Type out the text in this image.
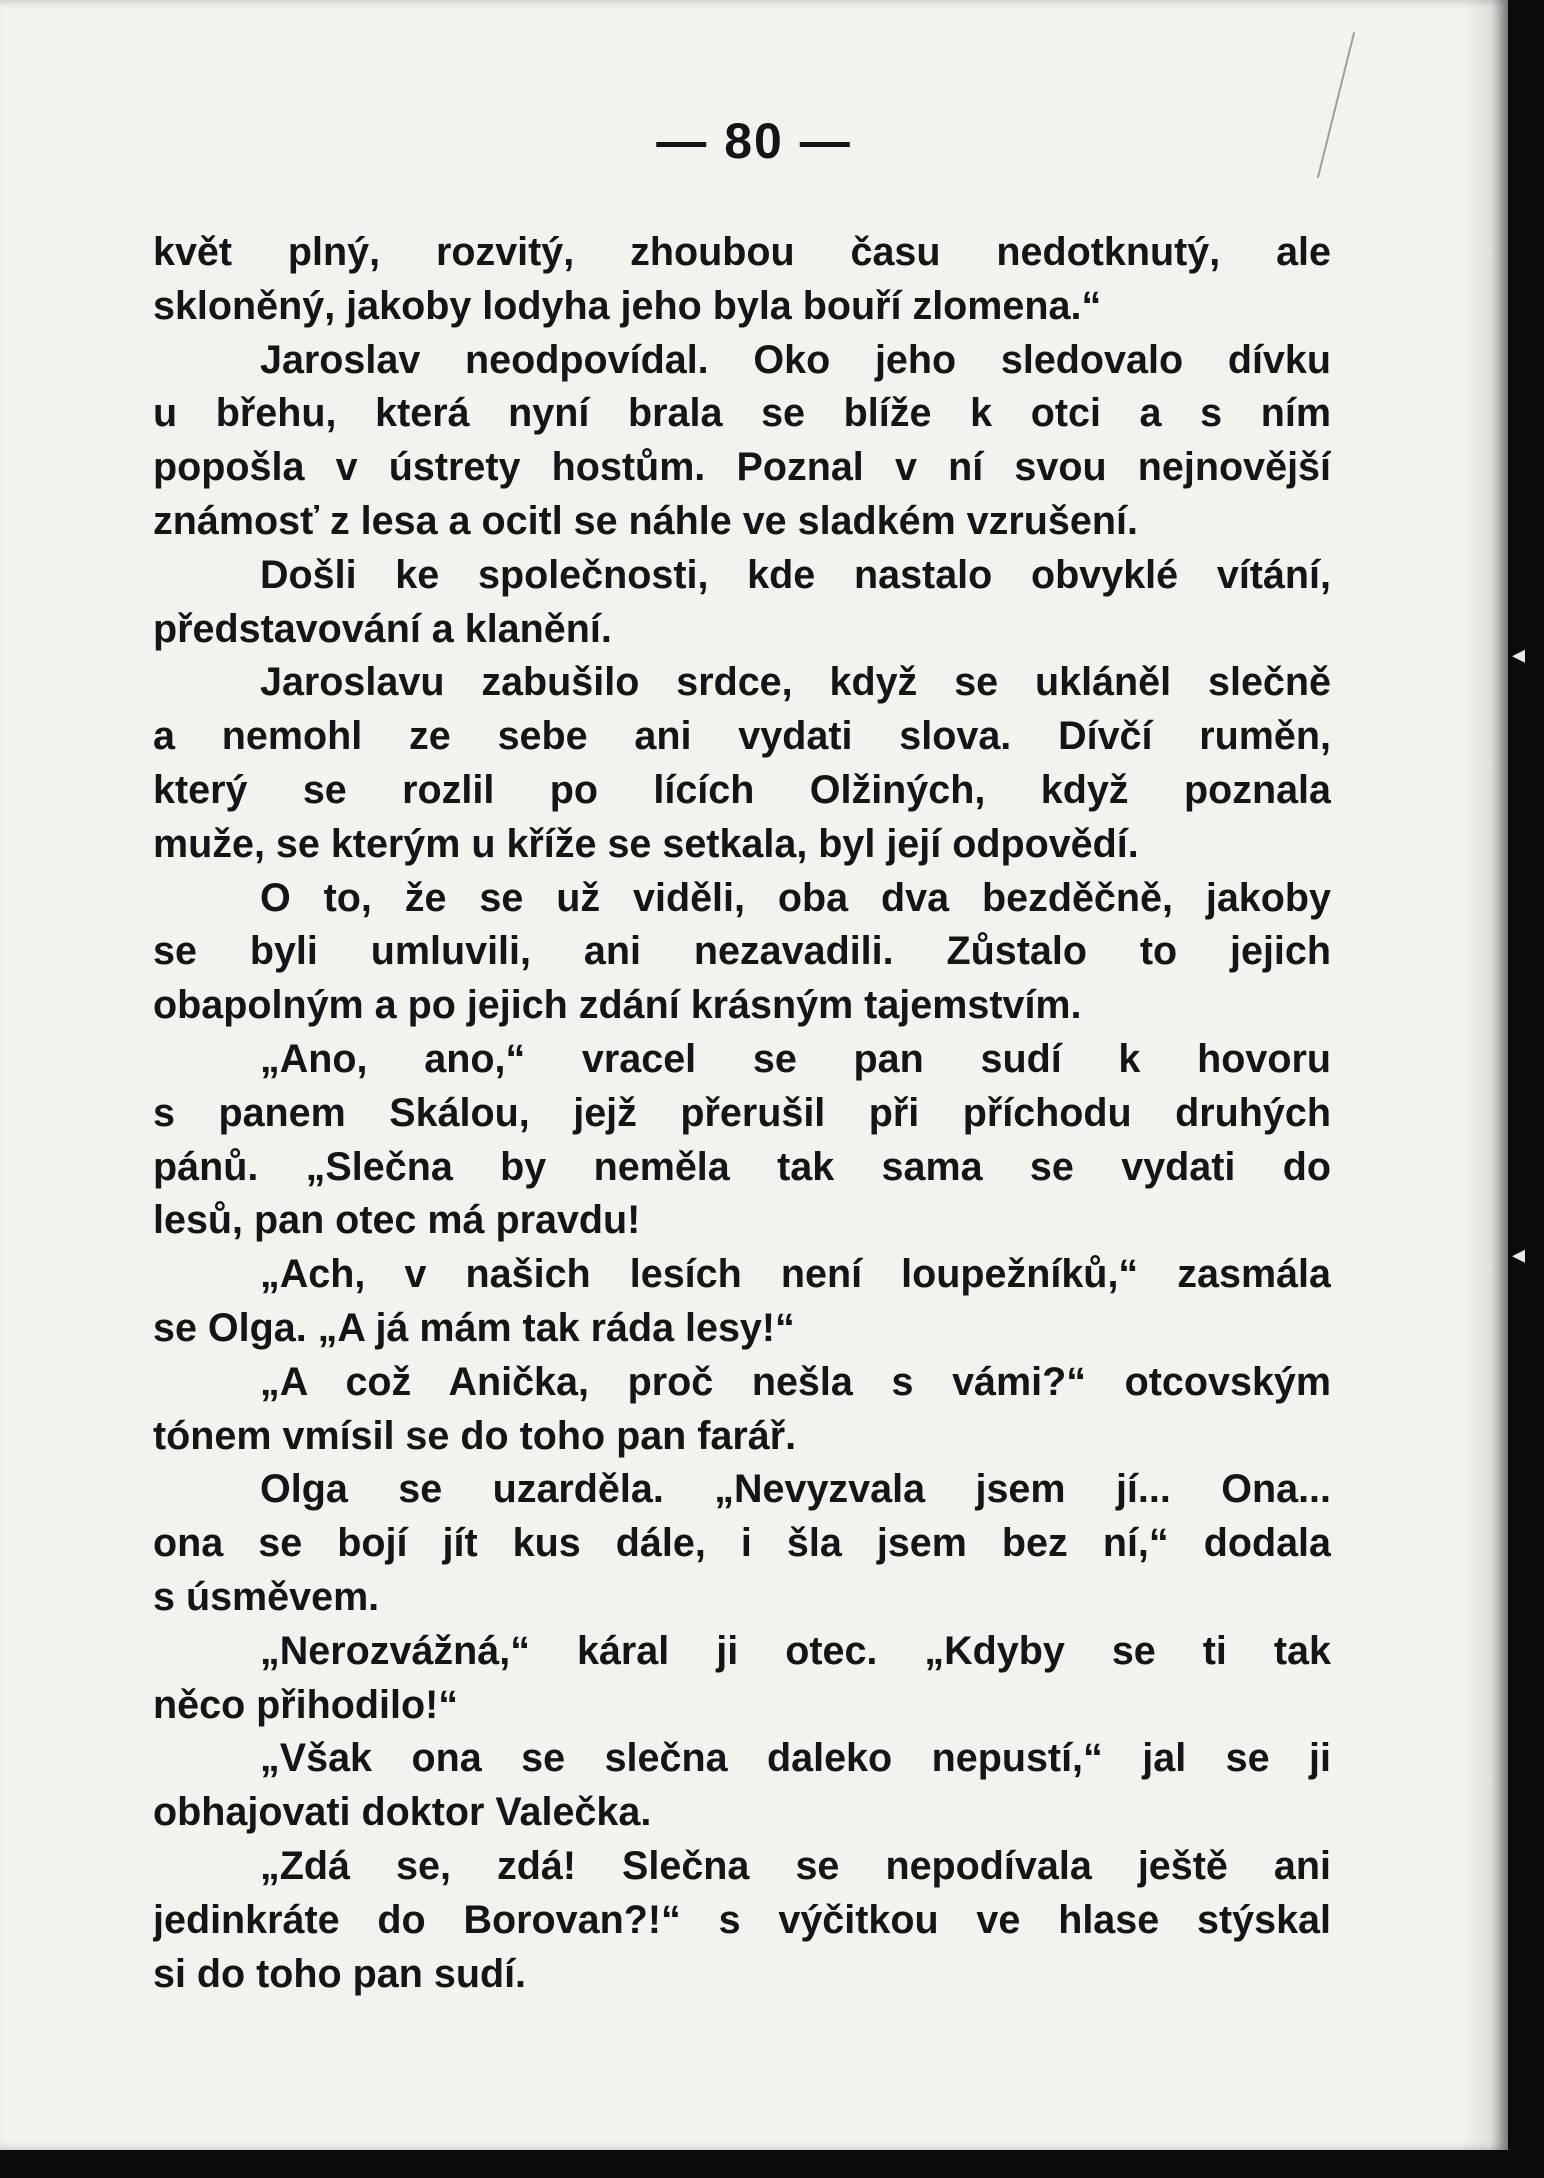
— 80 —
květ plný, rozvitý, zhoubou času nedotknutý, ale
skloněný, jakoby lodyha jeho byla bouří zlomena.“
Jaroslav neodpovídal. Oko jeho sledovalo dívku
u břehu, která nyní brala se blíže k otci a s ním
popošla v ústrety hostům. Poznal v ní svou nejnovější
známosť z lesa a ocitl se náhle ve sladkém vzrušení.
Došli ke společnosti, kde nastalo obvyklé vítání,
představování a klanění.
Jaroslavu zabušilo srdce, když se ukláněl slečně
a nemohl ze sebe ani vydati slova. Dívčí ruměn,
který se rozlil po lících Olžiných, když poznala
muže, se kterým u kříže se setkala, byl její odpovědí.
O to, že se už viděli, oba dva bezděčně, jakoby
se byli umluvili, ani nezavadili. Zůstalo to jejich
obapolným a po jejich zdání krásným tajemstvím.
„Ano, ano,“ vracel se pan sudí k hovoru
s panem Skálou, jejž přerušil při příchodu druhých
pánů. „Slečna by neměla tak sama se vydati do
lesů, pan otec má pravdu!
„Ach, v našich lesích není loupežníků,“ zasmála
se Olga. „A já mám tak ráda lesy!“
„A což Anička, proč nešla s vámi?“ otcovským
tónem vmísil se do toho pan farář.
Olga se uzarděla. „Nevyzvala jsem jí... Ona...
ona se bojí jít kus dále, i šla jsem bez ní,“ dodala
s úsměvem.
„Nerozvážná,“ káral ji otec. „Kdyby se ti tak
něco přihodilo!“
„Však ona se slečna daleko nepustí,“ jal se ji
obhajovati doktor Valečka.
„Zdá se, zdá! Slečna se nepodívala ještě ani
jedinkráte do Borovan?!“ s výčitkou ve hlase stýskal
si do toho pan sudí.
◂
◂
